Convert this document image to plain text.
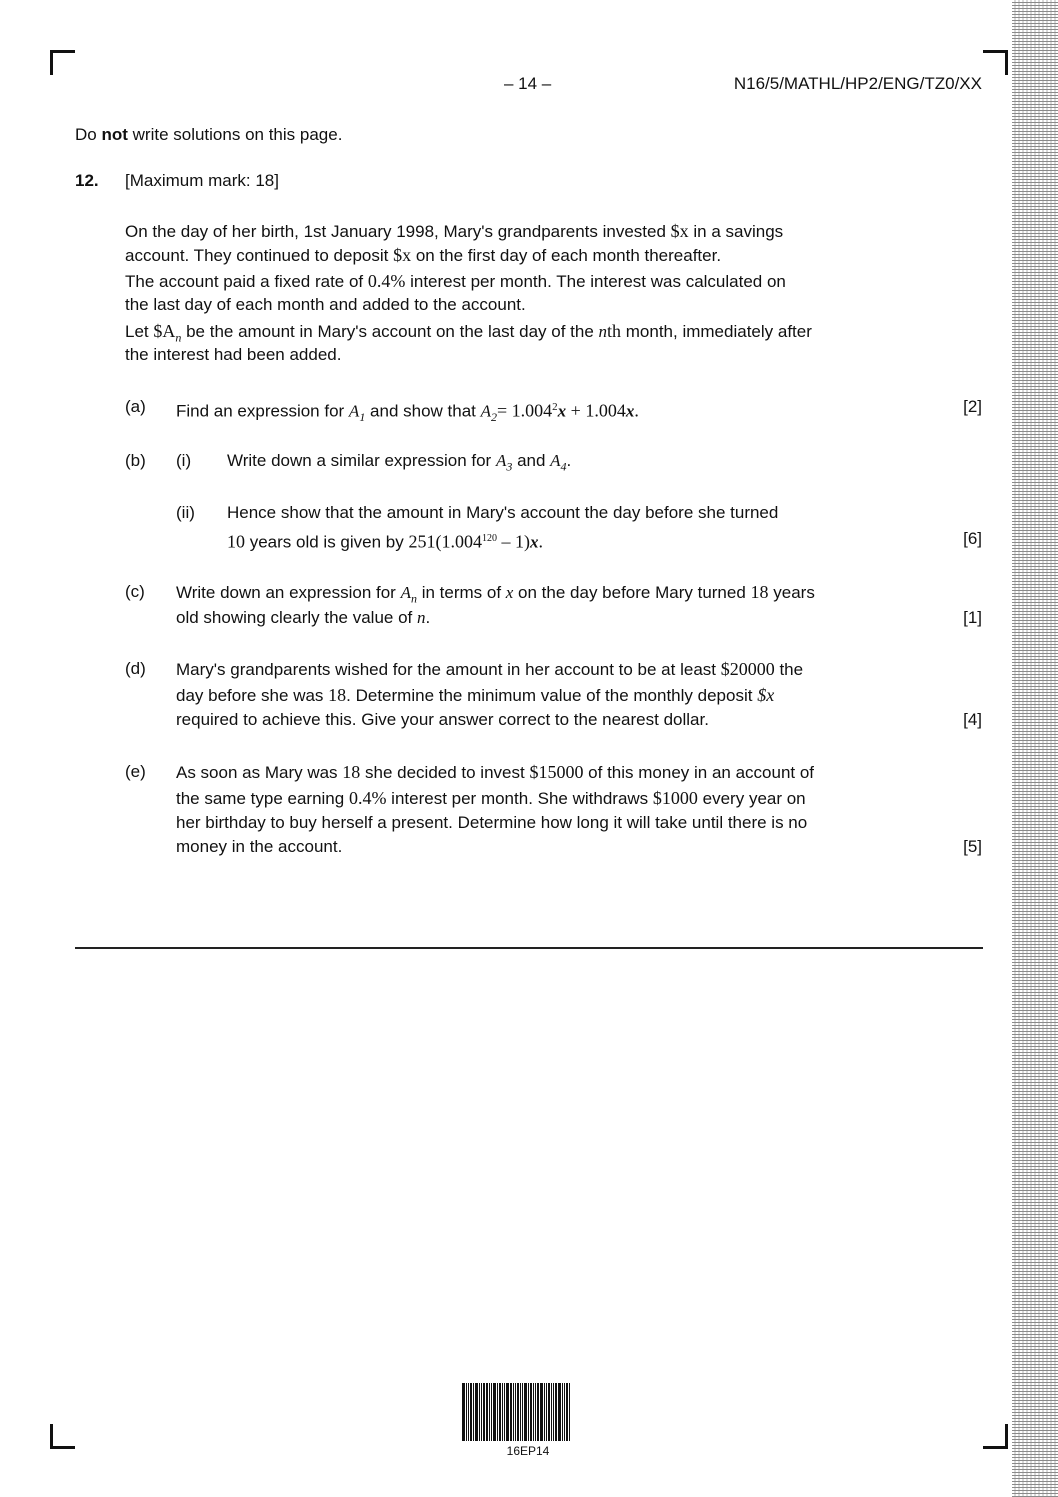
– 14 –	N16/5/MATHL/HP2/ENG/TZ0/XX
Do not write solutions on this page.
12. [Maximum mark: 18]
On the day of her birth, 1st January 1998, Mary's grandparents invested $x in a savings
account. They continued to deposit $x on the first day of each month thereafter.
The account paid a fixed rate of 0.4% interest per month. The interest was calculated on
the last day of each month and added to the account.
Let $\$A_n$ be the amount in Mary's account on the last day of the nth month, immediately after
the interest had been added.
(a) Find an expression for $A_1$ and show that $A_2= 1.004^2x + 1.004x$.	[2]
(b) (i) Write down a similar expression for $A_3$ and $A_4$.
(ii) Hence show that the amount in Mary's account the day before she turned
10 years old is given by 251(1.004$^{120}$ – 1)x.	[6]
(c) Write down an expression for $A_n$ in terms of x on the day before Mary turned 18 years
old showing clearly the value of n.	[1]
(d) Mary's grandparents wished for the amount in her account to be at least $20000 the
day before she was 18. Determine the minimum value of the monthly deposit $x
required to achieve this. Give your answer correct to the nearest dollar.	[4]
(e) As soon as Mary was 18 she decided to invest $15000 of this money in an account of
the same type earning 0.4% interest per month. She withdraws $1000 every year on
her birthday to buy herself a present. Determine how long it will take until there is no
money in the account.	[5]
16EP14
